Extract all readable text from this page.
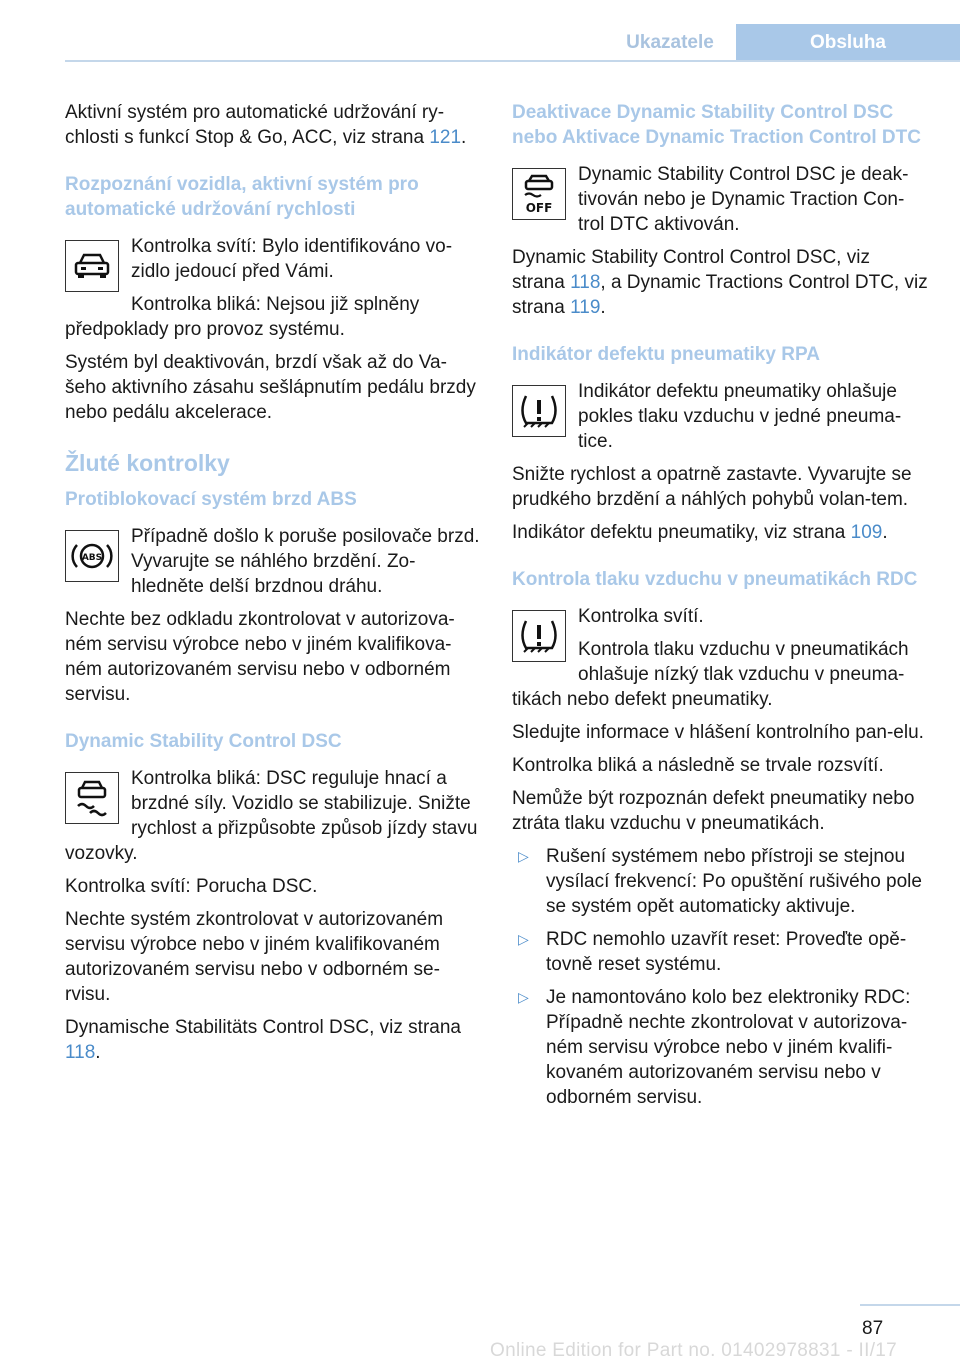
Ukazatele	Obsluha

Aktivní systém pro automatické udržování ry-chlosti s funkcí Stop & Go, ACC, viz strana 121.

Rozpoznání vozidla, aktivní systém pro automatické udržování rychlosti

Kontrolka svítí: Bylo identifikováno vo-zidlo jedoucí před Vámi.

Kontrolka bliká: Nejsou již splněny předpoklady pro provoz systému.

Systém byl deaktivován, brzdí však až do Va-šeho aktivního zásahu sešlápnutím pedálu brzdy nebo pedálu akcelerace.

Žluté kontrolky
Protiblokovací systém brzd ABS
ABS

Případně došlo k poruše posilovače brzd. Vyvarujte se náhlého brzdění. Zo-hledněte delší brzdnou dráhu.

Nechte bez odkladu zkontrolovat v autorizova-ném servisu výrobce nebo v jiném kvalifikova-ném autorizovaném servisu nebo v odborném servisu.

Dynamic Stability Control DSC

Kontrolka bliká: DSC reguluje hnací a brzdné síly. Vozidlo se stabilizuje. Snižte rychlost a přizpůsobte způsob jízdy stavu vozovky.

Kontrolka svítí: Porucha DSC.

Nechte systém zkontrolovat v autorizovaném servisu výrobce nebo v jiném kvalifikovaném autorizovaném servisu nebo v odborném se-rvisu.

Dynamische Stabilitäts Control DSC, viz strana 118.

Deaktivace Dynamic Stability Control DSC nebo Aktivace Dynamic Traction Control DTC
OFF

Dynamic Stability Control DSC je deak-tivován nebo je Dynamic Traction Con-trol DTC aktivován.

Dynamic Stability Control Control DSC, viz strana 118, a Dynamic Tractions Control DTC, viz strana 119.

Indikátor defektu pneumatiky RPA

Indikátor defektu pneumatiky ohlašuje pokles tlaku vzduchu v jedné pneuma-tice.

Snižte rychlost a opatrně zastavte. Vyvarujte se prudkého brzdění a náhlých pohybů volan-tem.

Indikátor defektu pneumatiky, viz strana 109.

Kontrola tlaku vzduchu v pneumatikách RDC

Kontrolka svítí.

Kontrola tlaku vzduchu v pneumatikách ohlašuje nízký tlak vzduchu v pneuma-tikách nebo defekt pneumatiky.

Sledujte informace v hlášení kontrolního pan-elu.

Kontrolka bliká a následně se trvale rozsvítí.

Nemůže být rozpoznán defekt pneumatiky nebo ztráta tlaku vzduchu v pneumatikách.

▷ Rušení systémem nebo přístroji se stejnou vysílací frekvencí: Po opuštění rušivého pole se systém opět automaticky aktivuje.
▷ RDC nemohlo uzavřít reset: Proveďte opě-tovně reset systému.
▷ Je namontováno kolo bez elektroniky RDC: Případně nechte zkontrolovat v autorizova-ném servisu výrobce nebo v jiném kvalifi-kovaném autorizovaném servisu nebo v odborném servisu.
87
Online Edition for Part no. 01402978831 - II/17
